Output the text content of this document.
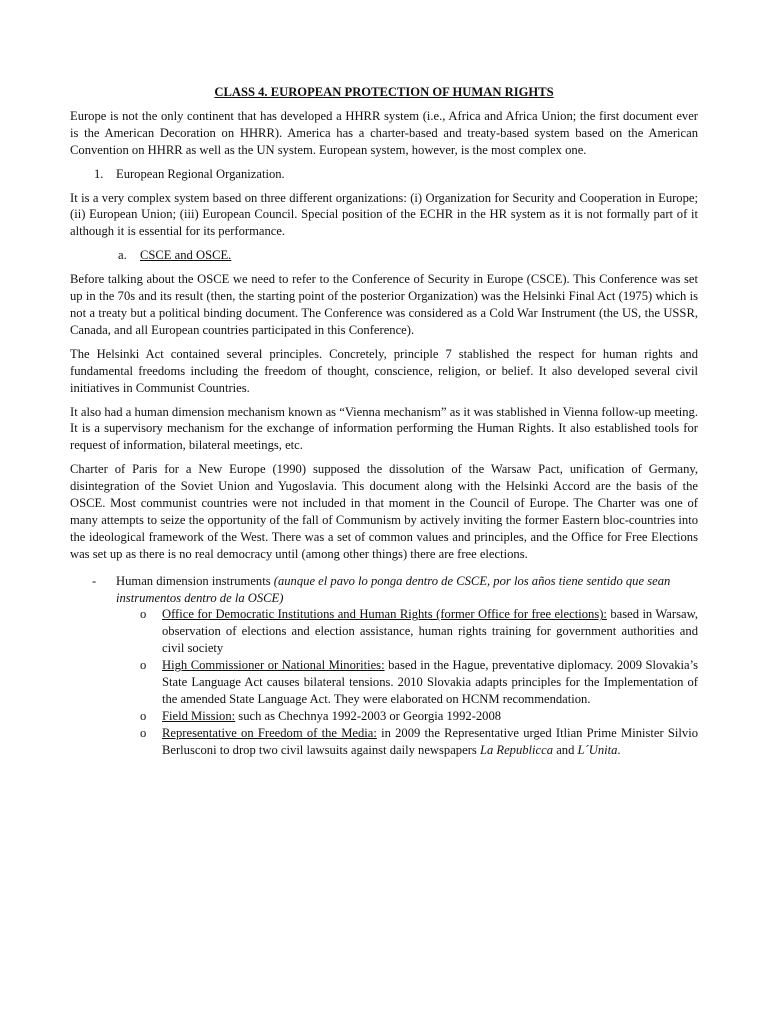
CLASS 4. EUROPEAN PROTECTION OF HUMAN RIGHTS

Europe is not the only continent that has developed a HHRR system (i.e., Africa and Africa Union; the first document ever is the American Decoration on HHRR). America has a charter-based and treaty-based system based on the American Convention on HHRR as well as the UN system. European system, however, is the most complex one.

1. European Regional Organization.

It is a very complex system based on three different organizations: (i) Organization for Security and Cooperation in Europe; (ii) European Union; (iii) European Council. Special position of the ECHR in the HR system as it is not formally part of it although it is essential for its performance.

a. CSCE and OSCE.

Before talking about the OSCE we need to refer to the Conference of Security in Europe (CSCE). This Conference was set up in the 70s and its result (then, the starting point of the posterior Organization) was the Helsinki Final Act (1975) which is not a treaty but a political binding document. The Conference was considered as a Cold War Instrument (the US, the USSR, Canada, and all European countries participated in this Conference).

The Helsinki Act contained several principles. Concretely, principle 7 stablished the respect for human rights and fundamental freedoms including the freedom of thought, conscience, religion, or belief. It also developed several civil initiatives in Communist Countries.

It also had a human dimension mechanism known as “Vienna mechanism” as it was stablished in Vienna follow-up meeting. It is a supervisory mechanism for the exchange of information performing the Human Rights. It also established tools for request of information, bilateral meetings, etc.

Charter of Paris for a New Europe (1990) supposed the dissolution of the Warsaw Pact, unification of Germany, disintegration of the Soviet Union and Yugoslavia. This document along with the Helsinki Accord are the basis of the OSCE. Most communist countries were not included in that moment in the Council of Europe. The Charter was one of many attempts to seize the opportunity of the fall of Communism by actively inviting the former Eastern bloc-countries into the ideological framework of the West. There was a set of common values and principles, and the Office for Free Elections was set up as there is no real democracy until (among other things) there are free elections.

- Human dimension instruments (aunque el pavo lo ponga dentro de CSCE, por los años tiene sentido que sean instrumentos dentro de la OSCE)
o Office for Democratic Institutions and Human Rights (former Office for free elections): based in Warsaw, observation of elections and election assistance, human rights training for government authorities and civil society
o High Commissioner or National Minorities: based in the Hague, preventative diplomacy. 2009 Slovakia’s State Language Act causes bilateral tensions. 2010 Slovakia adapts principles for the Implementation of the amended State Language Act. They were elaborated on HCNM recommendation.
o Field Mission: such as Chechnya 1992-2003 or Georgia 1992-2008
o Representative on Freedom of the Media: in 2009 the Representative urged Itlian Prime Minister Silvio Berlusconi to drop two civil lawsuits against daily newspapers La Republicca and L´Unita.
